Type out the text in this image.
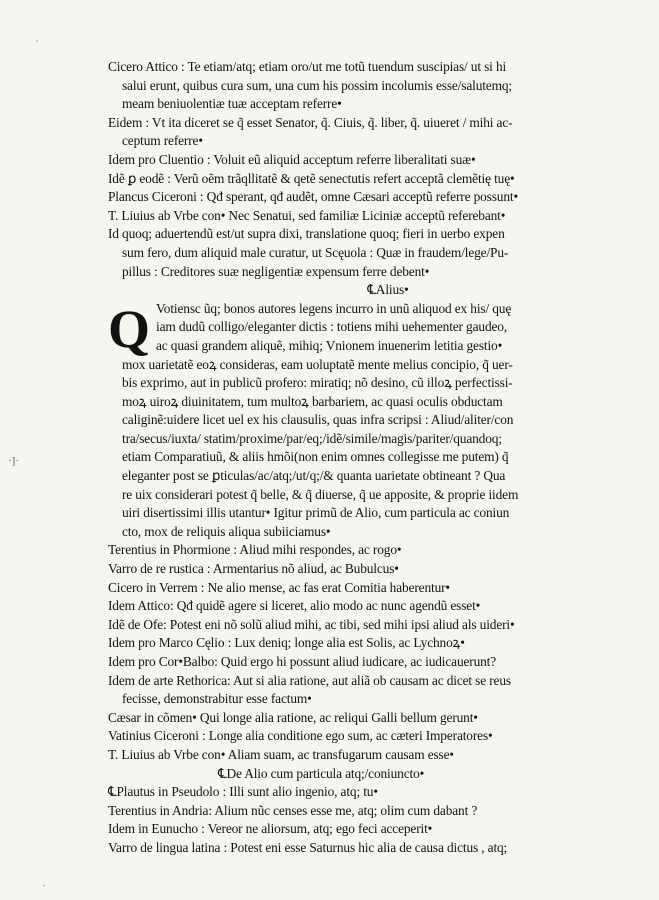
'
·]·
·
Cicero Attico : Te etiam/atq; etiam oro/ut me totũ tuendum suscipias/ ut si hi
salui erunt, quibus cura sum, una cum his possim incolumis esse/salutemq;
meam beniuolentiæ tuæ acceptam referre•
Eidem : Vt ita diceret se q̃ esset Senator, q̃. Ciuis, q̃. liber, q̃. uiueret / mihi ac-
ceptum referre•
Idem pro Cluentio : Voluit eũ aliquid acceptum referre liberalitati suæ•
Idẽ ꝑ eodẽ : Verũ oẽm trãqllitatẽ & qetẽ senectutis refert acceptã clemẽtię tuę•
Plancus Ciceroni : Qđ sperant, qđ audẽt, omne Cæsari acceptũ referre possunt•
T. Liuius ab Vrbe con• Nec Senatui, sed familiæ Liciniæ acceptũ referebant•
Id quoq; aduertendũ est/ut supra dixi, translatione quoq; fieri in uerbo expen
sum fero, dum aliquid male curatur, ut Scęuola : Quæ in fraudem/lege/Pu-
pillus : Creditores suæ negligentiæ expensum ferre debent•
℄Alius•
Q Votiensc ũq; bonos autores legens incurro in unũ aliquod ex his/ quę
iam dudũ colligo/eleganter dictis : totiens mihi uehementer gaudeo,
ac quasi grandem aliquẽ, mihiq; Vnionem inuenerim letitia gestio•
mox uarietatẽ eoꝝ consideras, eam uoluptatẽ mente melius concipio, q̃ uer-
bis exprimo, aut in publicũ profero: miratiq; nõ desino, cũ illoꝝ perfectissi-
moꝝ uiroꝝ diuinitatem, tum multoꝝ barbariem, ac quasi oculis obductam
caliginẽ:uidere licet uel ex his clausulis, quas infra scripsi : Aliud/aliter/con
tra/secus/iuxta/ statim/proxime/par/eq;/idẽ/simile/magis/pariter/quandoq;
etiam Comparatiuũ, & aliis hmõi(non enim omnes collegisse me putem) q̃
eleganter post se ꝑticulas/ac/atq;/ut/q;/& quanta uarietate obtineant ? Qua
re uix considerari potest q̃ belle, & q̃ diuerse, q̃ ue apposite, & proprie iidem
uiri disertissimi illis utantur• Igitur primũ de Alio, cum particula ac coniun
cto, mox de reliquis aliqua subiiciamus•
Terentius in Phormione : Aliud mihi respondes, ac rogo•
Varro de re rustica : Armentarius nõ aliud, ac Bubulcus•
Cicero in Verrem : Ne alio mense, ac fas erat Comitia haberentur•
Idem Attico: Qđ quidẽ agere si liceret, alio modo ac nunc agendũ esset•
Idẽ de Ofe: Potest eni nõ solũ aliud mihi, ac tibi, sed mihi ipsi aliud als uideri•
Idem pro Marco Cęlio : Lux deniq; longe alia est Solis, ac Lychnoꝝ•
Idem pro Cor•Balbo: Quid ergo hi possunt aliud iudicare, ac iudicauerunt?
Idem de arte Rethorica: Aut si alia ratione, aut aliã ob causam ac dicet se reus
fecisse, demonstrabitur esse factum•
Cæsar in cõmen• Qui longe alia ratione, ac reliqui Galli bellum gerunt•
Vatinius Ciceroni : Longe alia conditione ego sum, ac cæteri Imperatores•
T. Liuius ab Vrbe con• Aliam suam, ac transfugarum causam esse•
℄De Alio cum particula atq;/coniuncto•
℄Plautus in Pseudolo : Illi sunt alio ingenio, atq; tu•
Terentius in Andria: Alium nũc censes esse me, atq; olim cum dabant ?
Idem in Eunucho : Vereor ne aliorsum, atq; ego feci acceperit•
Varro de lingua latina : Potest eni esse Saturnus hic alia de causa dictus , atq;
